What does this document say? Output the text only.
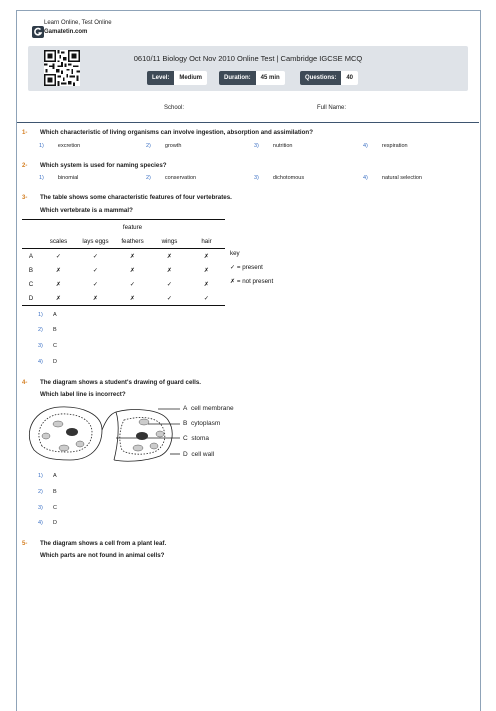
Learn Online, Test Online
Gamatetin.com
0610/11 Biology Oct Nov 2010 Online Test | Cambridge IGCSE MCQ
Level:	Medium	Duration:	45 min	Questions:	40
School:	Full Name:
1- Which characteristic of living organisms can involve ingestion, absorption and assimilation?
1)	excretion	2)	growth	3)	nutrition	4)	respiration
2- Which system is used for naming species?
1)	binomial	2)	conservation	3)	dichotomous	4)	natural selection
3- The table shows some characteristic features of four vertebrates.
Which vertebrate is a mammal?
	feature				
	scales	lays eggs	feathers	wings	hair
A	✓	✓	✗	✗	✗
B	✗	✓	✗	✗	✗
C	✗	✓	✓	✓	✗
D	✗	✗	✗	✓	✓
key
✓ = present
✗ = not present
1) A
2) B
3) C
4) D
4- The diagram shows a student's drawing of guard cells.
Which label line is incorrect?
A cell membrane
B cytoplasm
C stoma
D cell wall
1) A
2) B
3) C
4) D
5- The diagram shows a cell from a plant leaf.
Which parts are not found in animal cells?
